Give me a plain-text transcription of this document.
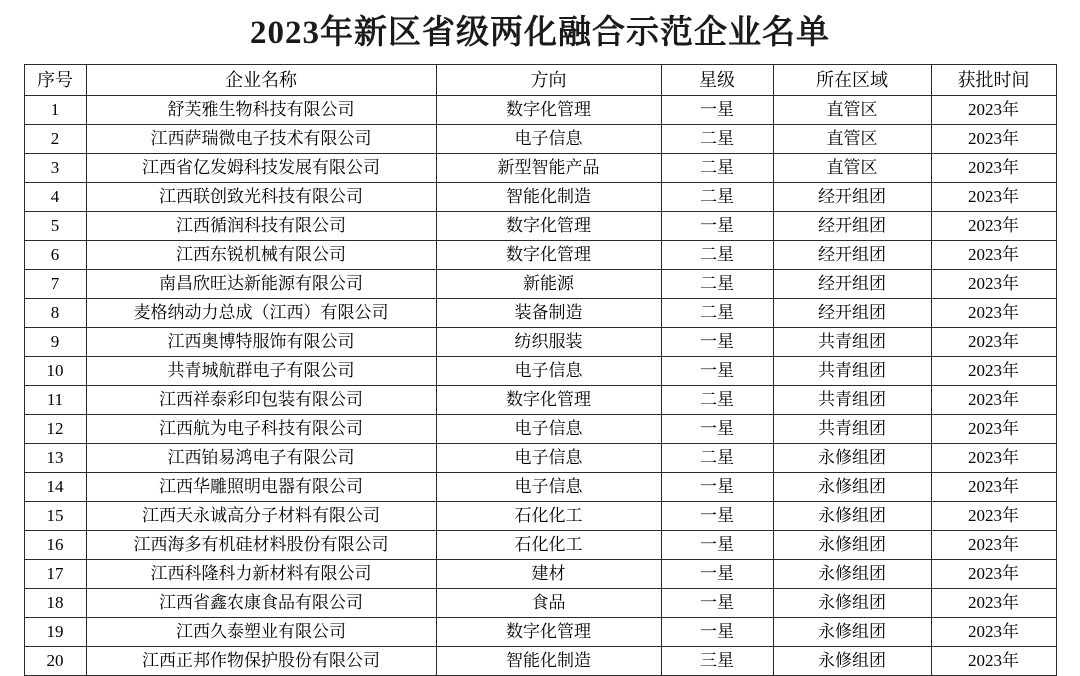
2023年新区省级两化融合示范企业名单
序号	企业名称	方向	星级	所在区域	获批时间
1	舒芙雅生物科技有限公司	数字化管理	一星	直管区	2023年
2	江西萨瑞微电子技术有限公司	电子信息	二星	直管区	2023年
3	江西省亿发姆科技发展有限公司	新型智能产品	二星	直管区	2023年
4	江西联创致光科技有限公司	智能化制造	二星	经开组团	2023年
5	江西循润科技有限公司	数字化管理	一星	经开组团	2023年
6	江西东锐机械有限公司	数字化管理	二星	经开组团	2023年
7	南昌欣旺达新能源有限公司	新能源	二星	经开组团	2023年
8	麦格纳动力总成（江西）有限公司	装备制造	二星	经开组团	2023年
9	江西奥博特服饰有限公司	纺织服装	一星	共青组团	2023年
10	共青城航群电子有限公司	电子信息	一星	共青组团	2023年
11	江西祥泰彩印包装有限公司	数字化管理	二星	共青组团	2023年
12	江西航为电子科技有限公司	电子信息	一星	共青组团	2023年
13	江西铂易鸿电子有限公司	电子信息	二星	永修组团	2023年
14	江西华雕照明电器有限公司	电子信息	一星	永修组团	2023年
15	江西天永诚高分子材料有限公司	石化化工	一星	永修组团	2023年
16	江西海多有机硅材料股份有限公司	石化化工	一星	永修组团	2023年
17	江西科隆科力新材料有限公司	建材	一星	永修组团	2023年
18	江西省鑫农康食品有限公司	食品	一星	永修组团	2023年
19	江西久泰塑业有限公司	数字化管理	一星	永修组团	2023年
20	江西正邦作物保护股份有限公司	智能化制造	三星	永修组团	2023年
